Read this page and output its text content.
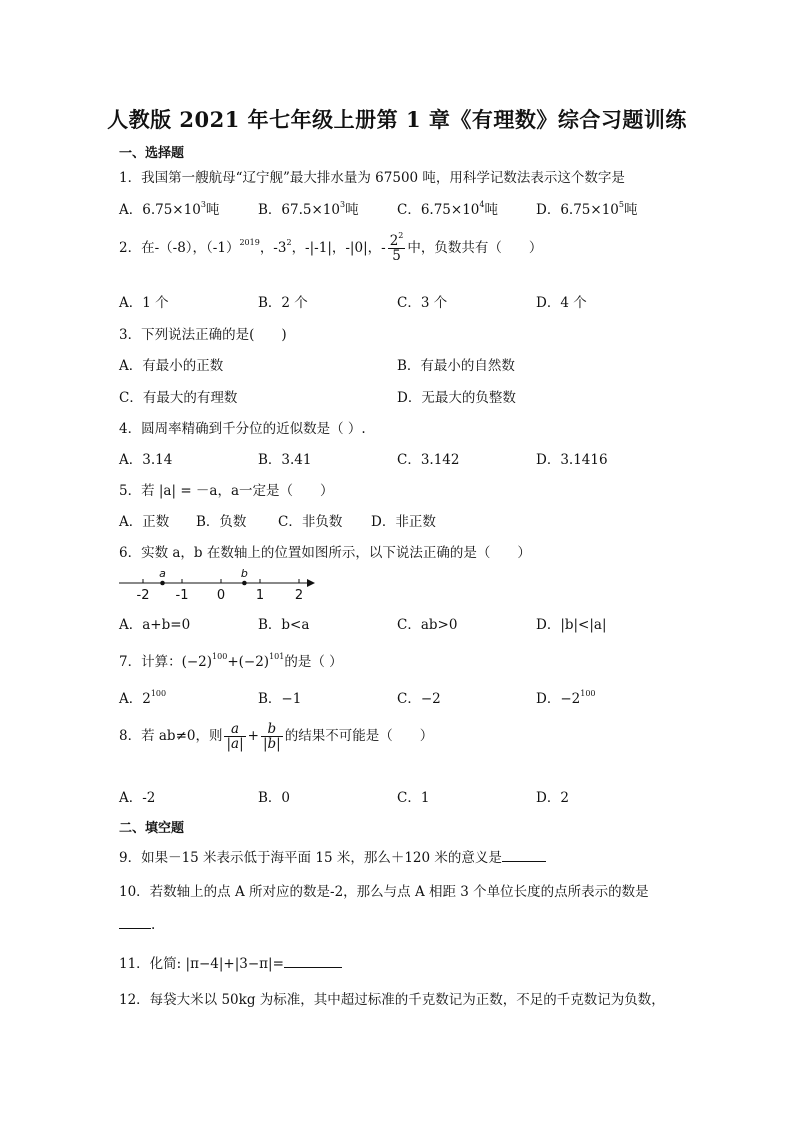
人教版 2021 年七年级上册第 1 章《有理数》综合习题训练
一、选择题
1．我国第一艘航母“辽宁舰”最大排水量为 67500 吨，用科学记数法表示这个数字是
A．$6.75\times 10^3$吨	B．$67.5\times 10^3$吨	C．$6.75\times 10^4$吨	D．$6.75\times 10^5$吨
2．在-（-8），$(-1)^{2019}$，$-3^2$，-|-1|，-|0|，- $\frac{2^2}{5}$ 中，负数共有（　　）
A．1 个	B．2 个	C．3 个	D．4 个
3．下列说法正确的是(　　)
A．有最小的正数	B．有最小的自然数
C．有最大的有理数	D．无最大的负整数
4．圆周率精确到千分位的近似数是（ ）.
A．3.14	B．3.41	C．3.142	D．3.1416
5．若 |a| = －a，a一定是（　　）
A．正数 B．负数 C．非负数 D．非正数
6．实数 a，b 在数轴上的位置如图所示，以下说法正确的是（　　）
-2 -1 0 1 2
a	b
A．a+b=0	B．b<a	C．ab>0	D．|b|<|a|
7．计算：$(-2)^{100}+(-2)^{101}$的是（ ）
A．$2^{100}$	B．−1	C．−2	D．$-2^{100}$
8．若 ab≠0，则 $\frac{a}{|a|} + \frac{b}{|b|}$ 的结果不可能是（　　）
A．-2	B．0	C．1	D．2
二、填空题
9．如果－15 米表示低于海平面 15 米，那么＋120 米的意义是
10．若数轴上的点 A 所对应的数是-2，那么与点 A 相距 3 个单位长度的点所表示的数是
.
11．化简: |π−4|+|3−π|=
12．每袋大米以 50kg 为标准，其中超过标准的千克数记为正数，不足的千克数记为负数，
